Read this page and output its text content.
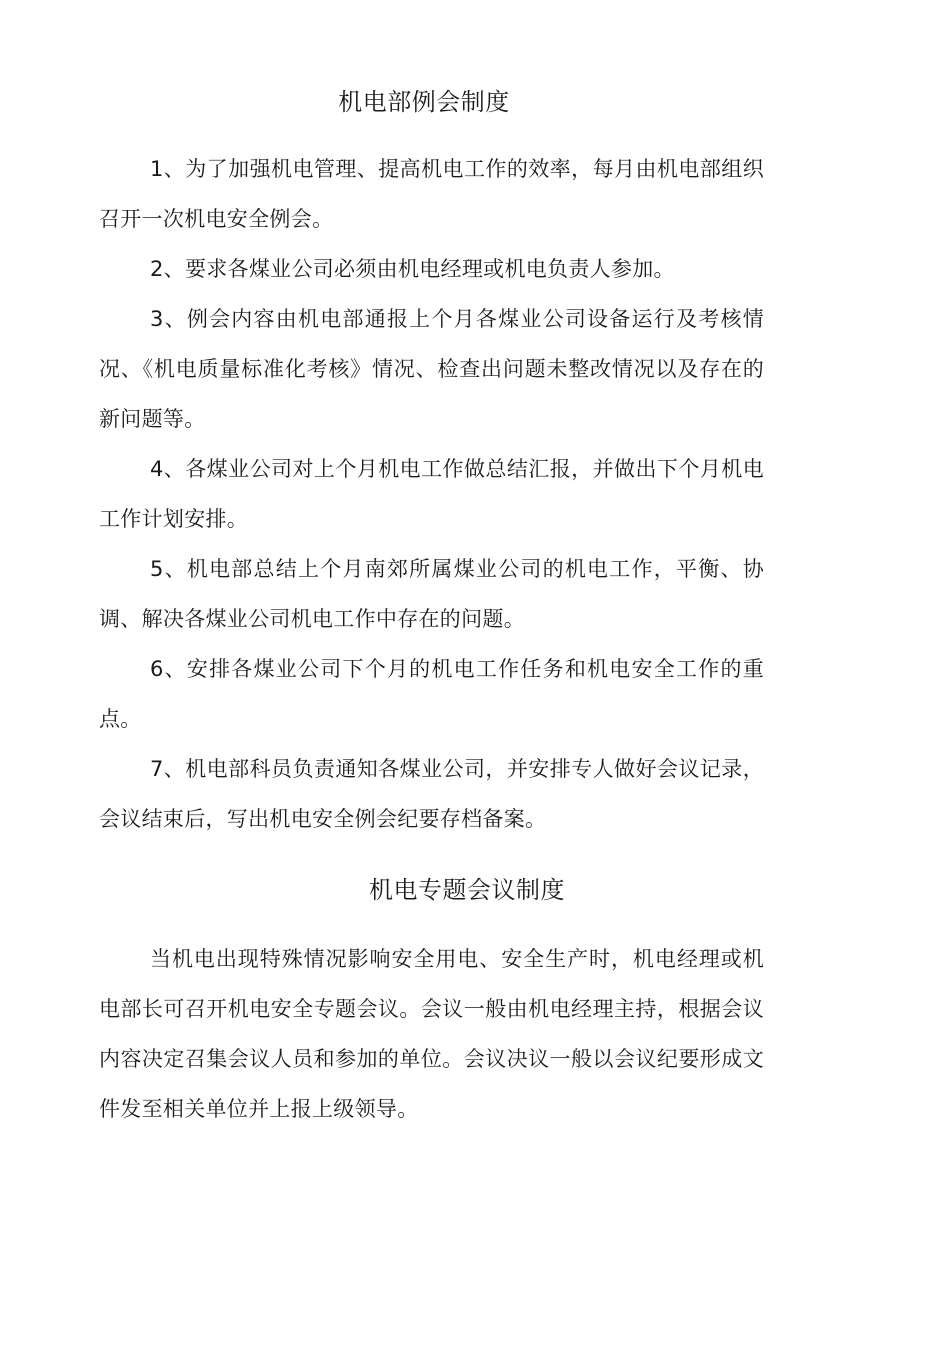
机电部例会制度

1、为了加强机电管理、提高机电工作的效率，每月由机电部组织召开一次机电安全例会。

2、要求各煤业公司必须由机电经理或机电负责人参加。

3、例会内容由机电部通报上个月各煤业公司设备运行及考核情况、《机电质量标准化考核》情况、检查出问题未整改情况以及存在的新问题等。

4、各煤业公司对上个月机电工作做总结汇报，并做出下个月机电工作计划安排。

5、机电部总结上个月南郊所属煤业公司的机电工作，平衡、协调、解决各煤业公司机电工作中存在的问题。

6、安排各煤业公司下个月的机电工作任务和机电安全工作的重点。

7、机电部科员负责通知各煤业公司，并安排专人做好会议记录，会议结束后，写出机电安全例会纪要存档备案。

机电专题会议制度

当机电出现特殊情况影响安全用电、安全生产时，机电经理或机电部长可召开机电安全专题会议。会议一般由机电经理主持，根据会议内容决定召集会议人员和参加的单位。会议决议一般以会议纪要形成文件发至相关单位并上报上级领导。
